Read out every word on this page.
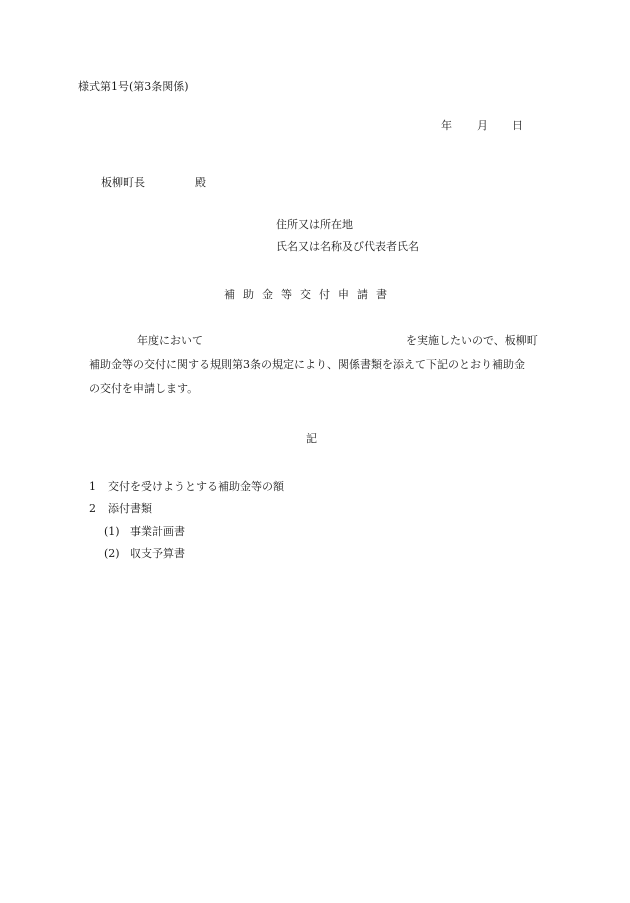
様式第1号(第3条関係)
年 月 日
板柳町長	殿
住所又は所在地
氏名又は名称及び代表者氏名
補助金等交付申請書
年度において	を実施したいので、板柳町
補助金等の交付に関する規則第3条の規定により、関係書類を添えて下記のとおり補助金
の交付を申請します。
記
1 交付を受けようとする補助金等の額
2 添付書類
(1) 事業計画書
(2) 収支予算書
